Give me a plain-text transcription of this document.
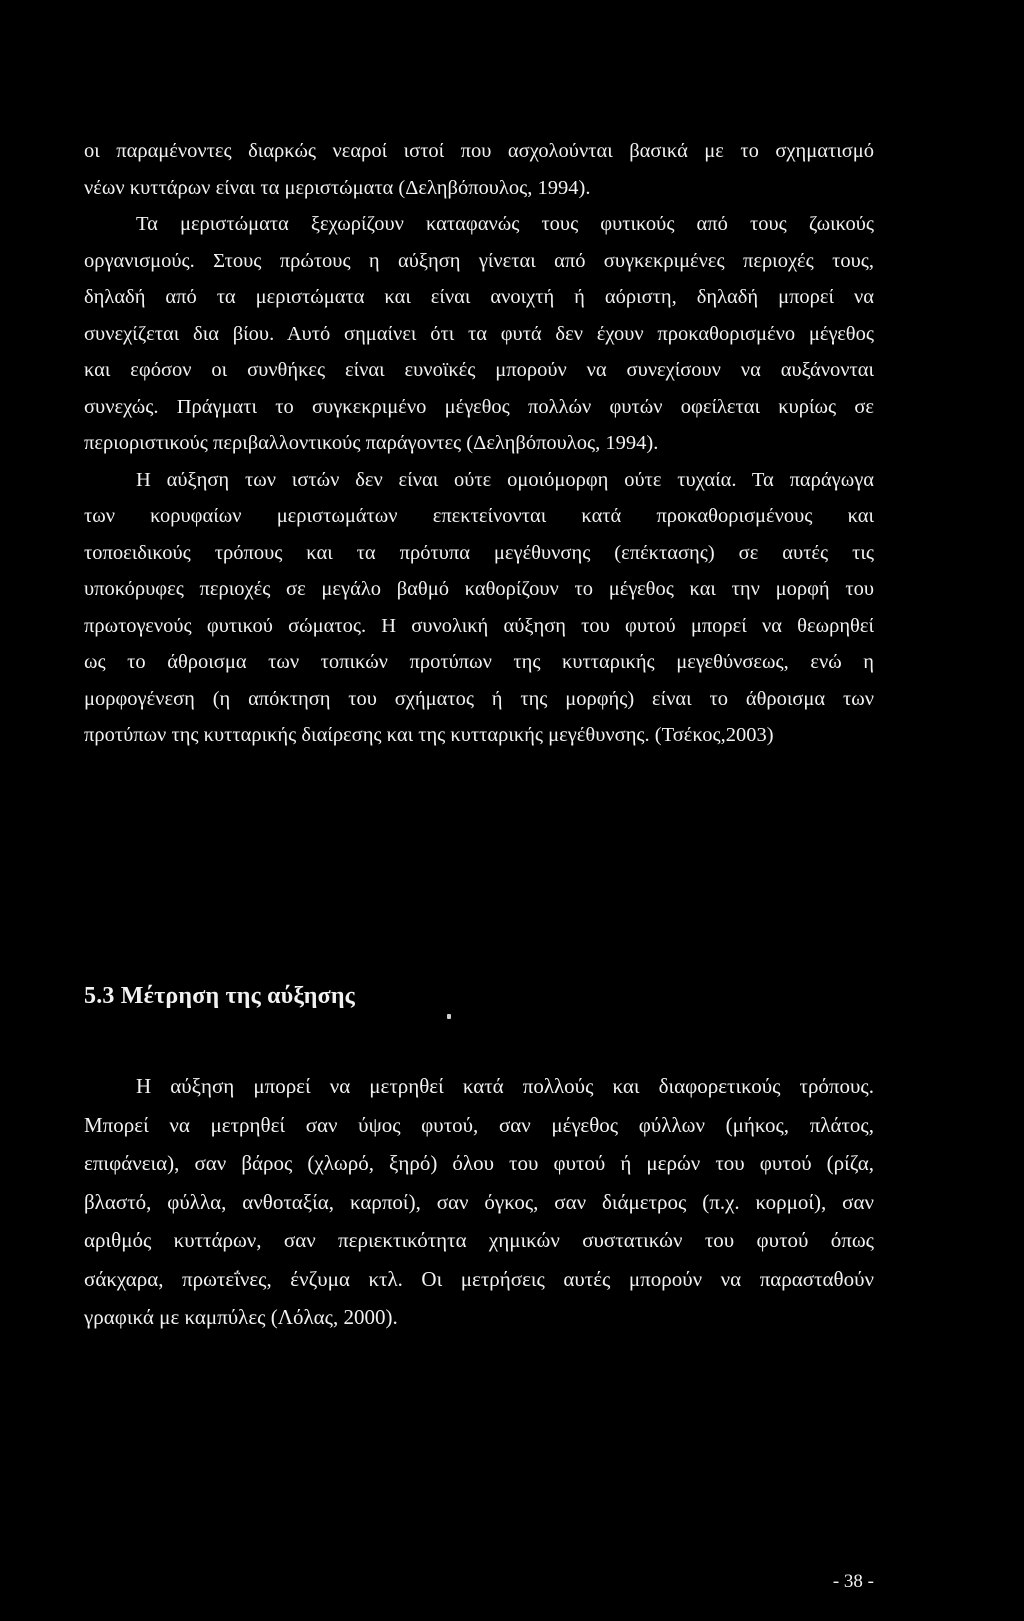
οι παραμένοντες διαρκώς νεαροί ιστοί που ασχολούνται βασικά με το σχηματισμό
νέων κυττάρων είναι τα μεριστώματα (Δεληβόπουλος, 1994).
Τα μεριστώματα ξεχωρίζουν καταφανώς τους φυτικούς από τους ζωικούς
οργανισμούς. Στους πρώτους η αύξηση γίνεται από συγκεκριμένες περιοχές τους,
δηλαδή από τα μεριστώματα και είναι ανοιχτή ή αόριστη, δηλαδή μπορεί να
συνεχίζεται δια βίου. Αυτό σημαίνει ότι τα φυτά δεν έχουν προκαθορισμένο μέγεθος
και εφόσον οι συνθήκες είναι ευνοϊκές μπορούν να συνεχίσουν να αυξάνονται
συνεχώς. Πράγματι το συγκεκριμένο μέγεθος πολλών φυτών οφείλεται κυρίως σε
περιοριστικούς περιβαλλοντικούς παράγοντες (Δεληβόπουλος, 1994).
Η αύξηση των ιστών δεν είναι ούτε ομοιόμορφη ούτε τυχαία. Τα παράγωγα
των κορυφαίων μεριστωμάτων επεκτείνονται κατά προκαθορισμένους και
τοποειδικούς τρόπους και τα πρότυπα μεγέθυνσης (επέκτασης) σε αυτές τις
υποκόρυφες περιοχές σε μεγάλο βαθμό καθορίζουν το μέγεθος και την μορφή του
πρωτογενούς φυτικού σώματος. Η συνολική αύξηση του φυτού μπορεί να θεωρηθεί
ως το άθροισμα των τοπικών προτύπων της κυτταρικής μεγεθύνσεως, ενώ η
μορφογένεση (η απόκτηση του σχήματος ή της μορφής) είναι το άθροισμα των
προτύπων της κυτταρικής διαίρεσης και της κυτταρικής μεγέθυνσης. (Τσέκος,2003)
5.3 Μέτρηση της αύξησης
Η αύξηση μπορεί να μετρηθεί κατά πολλούς και διαφορετικούς τρόπους.
Μπορεί να μετρηθεί σαν ύψος φυτού, σαν μέγεθος φύλλων (μήκος, πλάτος,
επιφάνεια), σαν βάρος (χλωρό, ξηρό) όλου του φυτού ή μερών του φυτού (ρίζα,
βλαστό, φύλλα, ανθοταξία, καρποί), σαν όγκος, σαν διάμετρος (π.χ. κορμοί), σαν
αριθμός κυττάρων, σαν περιεκτικότητα χημικών συστατικών του φυτού όπως
σάκχαρα, πρωτεΐνες, ένζυμα κτλ. Οι μετρήσεις αυτές μπορούν να παρασταθούν
γραφικά με καμπύλες (Λόλας, 2000).
- 38 -
